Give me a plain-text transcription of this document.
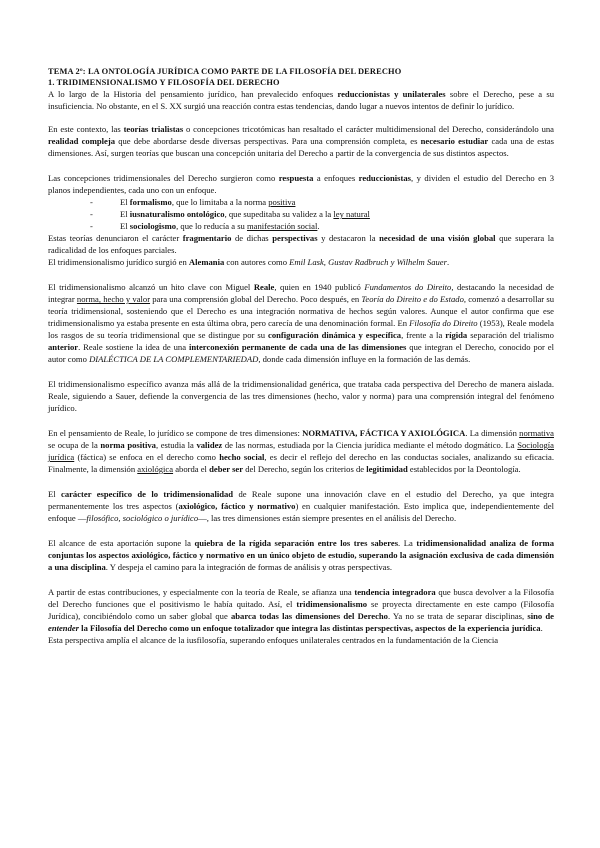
TEMA 2º: LA ONTOLOGÍA JURÍDICA COMO PARTE DE LA FILOSOFÍA DEL DERECHO
1. TRIDIMENSIONALISMO Y FILOSOFÍA DEL DERECHO

A lo largo de la Historia del pensamiento jurídico, han prevalecido enfoques reduccionistas y unilaterales sobre el Derecho, pese a su insuficiencia. No obstante, en el S. XX surgió una reacción contra estas tendencias, dando lugar a nuevos intentos de definir lo jurídico.

En este contexto, las teorías trialistas o concepciones tricotómicas han resaltado el carácter multidimensional del Derecho, considerándolo una realidad compleja que debe abordarse desde diversas perspectivas. Para una comprensión completa, es necesario estudiar cada una de estas dimensiones. Así, surgen teorías que buscan una concepción unitaria del Derecho a partir de la convergencia de sus distintos aspectos.

Las concepciones tridimensionales del Derecho surgieron como respuesta a enfoques reduccionistas, y dividen el estudio del Derecho en 3 planos independientes, cada uno con un enfoque.

- El formalismo, que lo limitaba a la norma positiva
- El iusnaturalismo ontológico, que supeditaba su validez a la ley natural
- El sociologismo, que lo reducía a su manifestación social.

Estas teorías denunciaron el carácter fragmentario de dichas perspectivas y destacaron la necesidad de una visión global que superara la radicalidad de los enfoques parciales.

El tridimensionalismo jurídico surgió en Alemania con autores como Emil Lask, Gustav Radbruch y Wilhelm Sauer.

El tridimensionalismo alcanzó un hito clave con Miguel Reale, quien en 1940 publicó Fundamentos do Direito, destacando la necesidad de integrar norma, hecho y valor para una comprensión global del Derecho. Poco después, en Teoría do Direito e do Estado, comenzó a desarrollar su teoría tridimensional, sosteniendo que el Derecho es una integración normativa de hechos según valores. Aunque el autor confirma que ese tridimensionalismo ya estaba presente en esta última obra, pero carecía de una denominación formal. En Filosofía do Direito (1953), Reale modela los rasgos de su teoría tridimensional que se distingue por su configuración dinámica y específica, frente a la rígida separación del trialismo anterior. Reale sostiene la idea de una interconexión permanente de cada una de las dimensiones que integran el Derecho, conocido por el autor como DIALÉCTICA DE LA COMPLEMENTARIEDAD, donde cada dimensión influye en la formación de las demás.

El tridimensionalismo específico avanza más allá de la tridimensionalidad genérica, que trataba cada perspectiva del Derecho de manera aislada. Reale, siguiendo a Sauer, defiende la convergencia de las tres dimensiones (hecho, valor y norma) para una comprensión integral del fenómeno jurídico.

En el pensamiento de Reale, lo jurídico se compone de tres dimensiones: NORMATIVA, FÁCTICA Y AXIOLÓGICA. La dimensión normativa se ocupa de la norma positiva, estudia la validez de las normas, estudiada por la Ciencia jurídica mediante el método dogmático. La Sociología jurídica (fáctica) se enfoca en el derecho como hecho social, es decir el reflejo del derecho en las conductas sociales, analizando su eficacia. Finalmente, la dimensión axiológica aborda el deber ser del Derecho, según los criterios de legitimidad establecidos por la Deontología.

El carácter específico de lo tridimensionalidad de Reale supone una innovación clave en el estudio del Derecho, ya que integra permanentemente los tres aspectos (axiológico, fáctico y normativo) en cualquier manifestación. Esto implica que, independientemente del enfoque —filosófico, sociológico o jurídico—, las tres dimensiones están siempre presentes en el análisis del Derecho.

El alcance de esta aportación supone la quiebra de la rígida separación entre los tres saberes. La tridimensionalidad analiza de forma conjuntas los aspectos axiológico, fáctico y normativo en un único objeto de estudio, superando la asignación exclusiva de cada dimensión a una disciplina. Y despeja el camino para la integración de formas de análisis y otras perspectivas.

A partir de estas contribuciones, y especialmente con la teoría de Reale, se afianza una tendencia integradora que busca devolver a la Filosofía del Derecho funciones que el positivismo le había quitado. Así, el tridimensionalismo se proyecta directamente en este campo (Filosofía Jurídica), concibiéndolo como un saber global que abarca todas las dimensiones del Derecho. Ya no se trata de separar disciplinas, sino de entender la Filosofía del Derecho como un enfoque totalizador que integra las distintas perspectivas, aspectos de la experiencia jurídica.

Esta perspectiva amplía el alcance de la iusfilosofía, superando enfoques unilaterales centrados en la fundamentación de la Ciencia
